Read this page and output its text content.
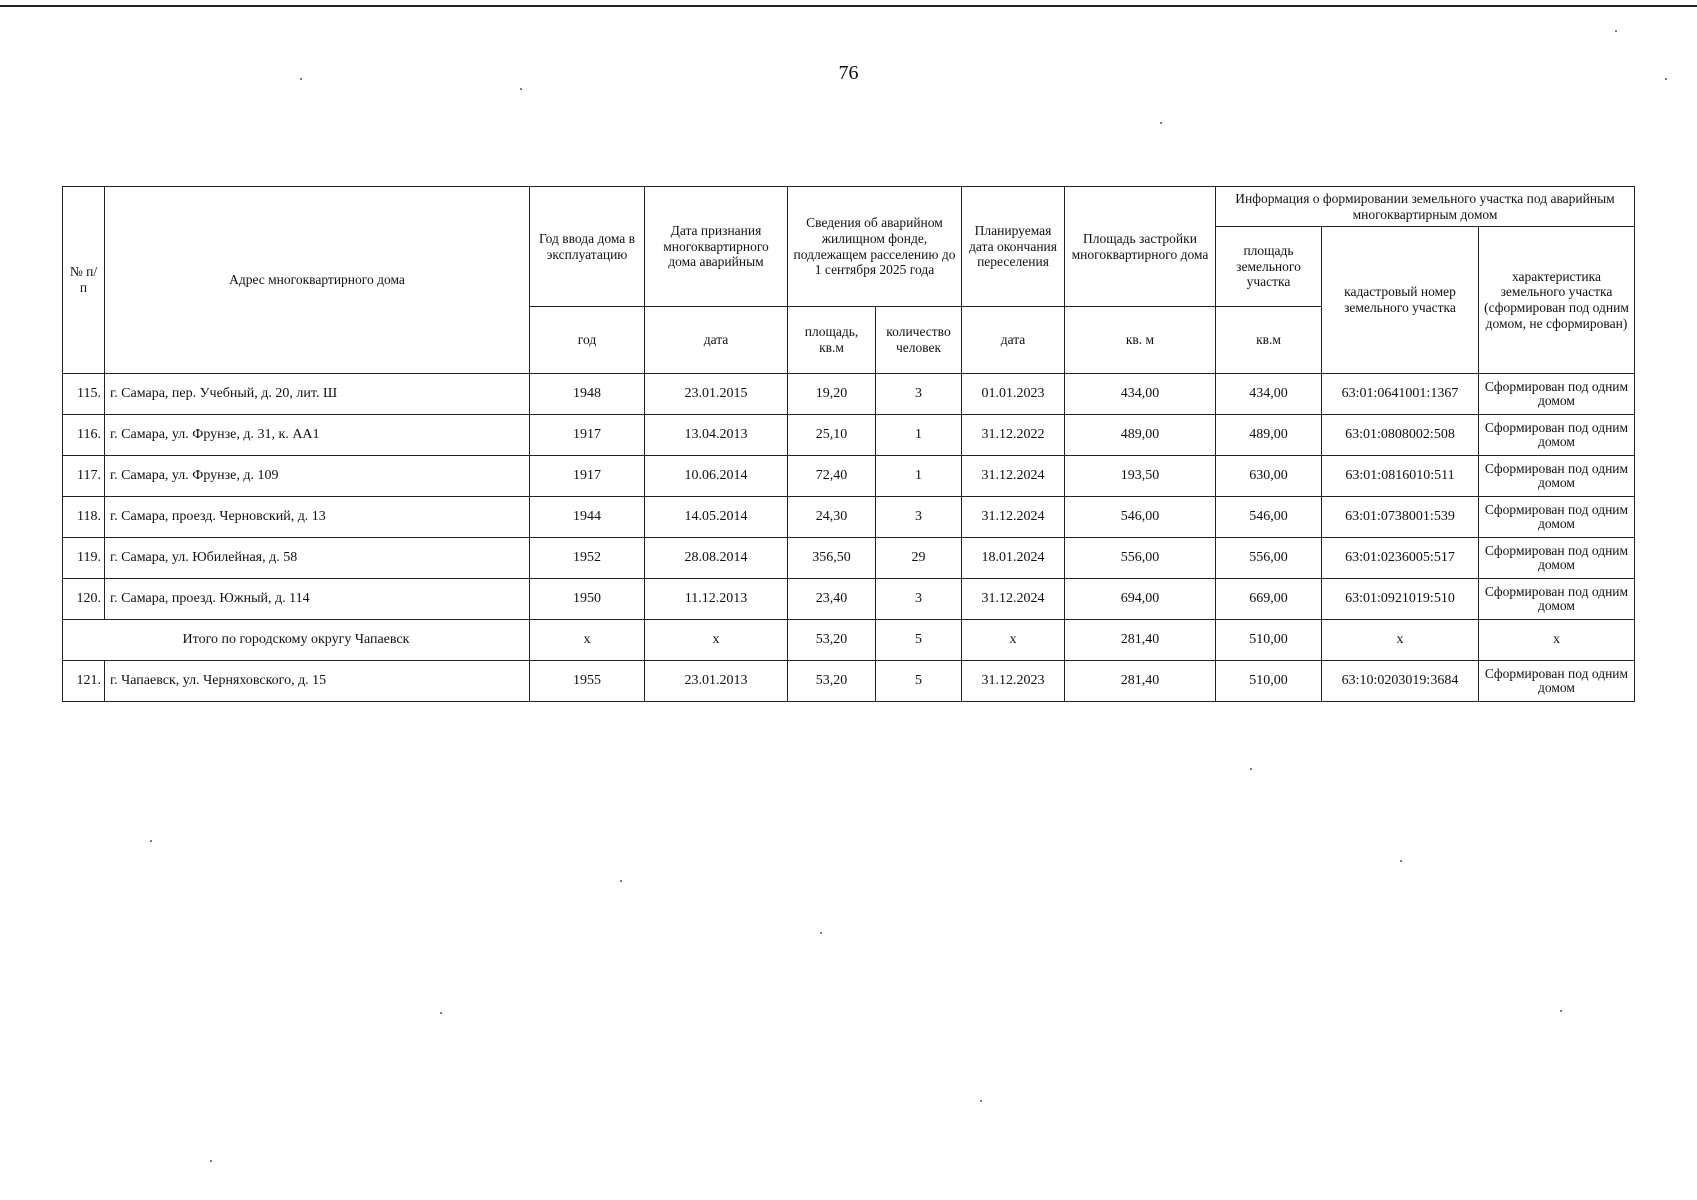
76
№ п/п	Адрес многоквартирного дома	Год ввода дома в эксплуатацию	Дата признания многоквартирного дома аварийным	Сведения об аварийном жилищном фонде, подлежащем расселению до 1 сентября 2025 года		Планируемая дата окончания переселения	Площадь застройки многоквартирного дома	Информация о формировании земельного участка под аварийным многоквартирным домом		
								площадь земельного участка	кадастровый номер земельного участка	характеристика земельного участка (сформирован под одним домом, не сформирован)
		год	дата	площадь, кв.м	количество человек	дата	кв. м	кв.м		
115.	г. Самара, пер. Учебный, д. 20, лит. Ш	1948	23.01.2015	19,20	3	01.01.2023	434,00	434,00	63:01:0641001:1367	Сформирован под одним домом
116.	г. Самара, ул. Фрунзе, д. 31, к. АА1	1917	13.04.2013	25,10	1	31.12.2022	489,00	489,00	63:01:0808002:508	Сформирован под одним домом
117.	г. Самара, ул. Фрунзе, д. 109	1917	10.06.2014	72,40	1	31.12.2024	193,50	630,00	63:01:0816010:511	Сформирован под одним домом
118.	г. Самара, проезд. Черновский, д. 13	1944	14.05.2014	24,30	3	31.12.2024	546,00	546,00	63:01:0738001:539	Сформирован под одним домом
119.	г. Самара, ул. Юбилейная, д. 58	1952	28.08.2014	356,50	29	18.01.2024	556,00	556,00	63:01:0236005:517	Сформирован под одним домом
120.	г. Самара, проезд. Южный, д. 114	1950	11.12.2013	23,40	3	31.12.2024	694,00	669,00	63:01:0921019:510	Сформирован под одним домом
Итого по городскому округу Чапаевск		х	х	53,20	5	х	281,40	510,00	х	х
121.	г. Чапаевск, ул. Черняховского, д. 15	1955	23.01.2013	53,20	5	31.12.2023	281,40	510,00	63:10:0203019:3684	Сформирован под одним домом
